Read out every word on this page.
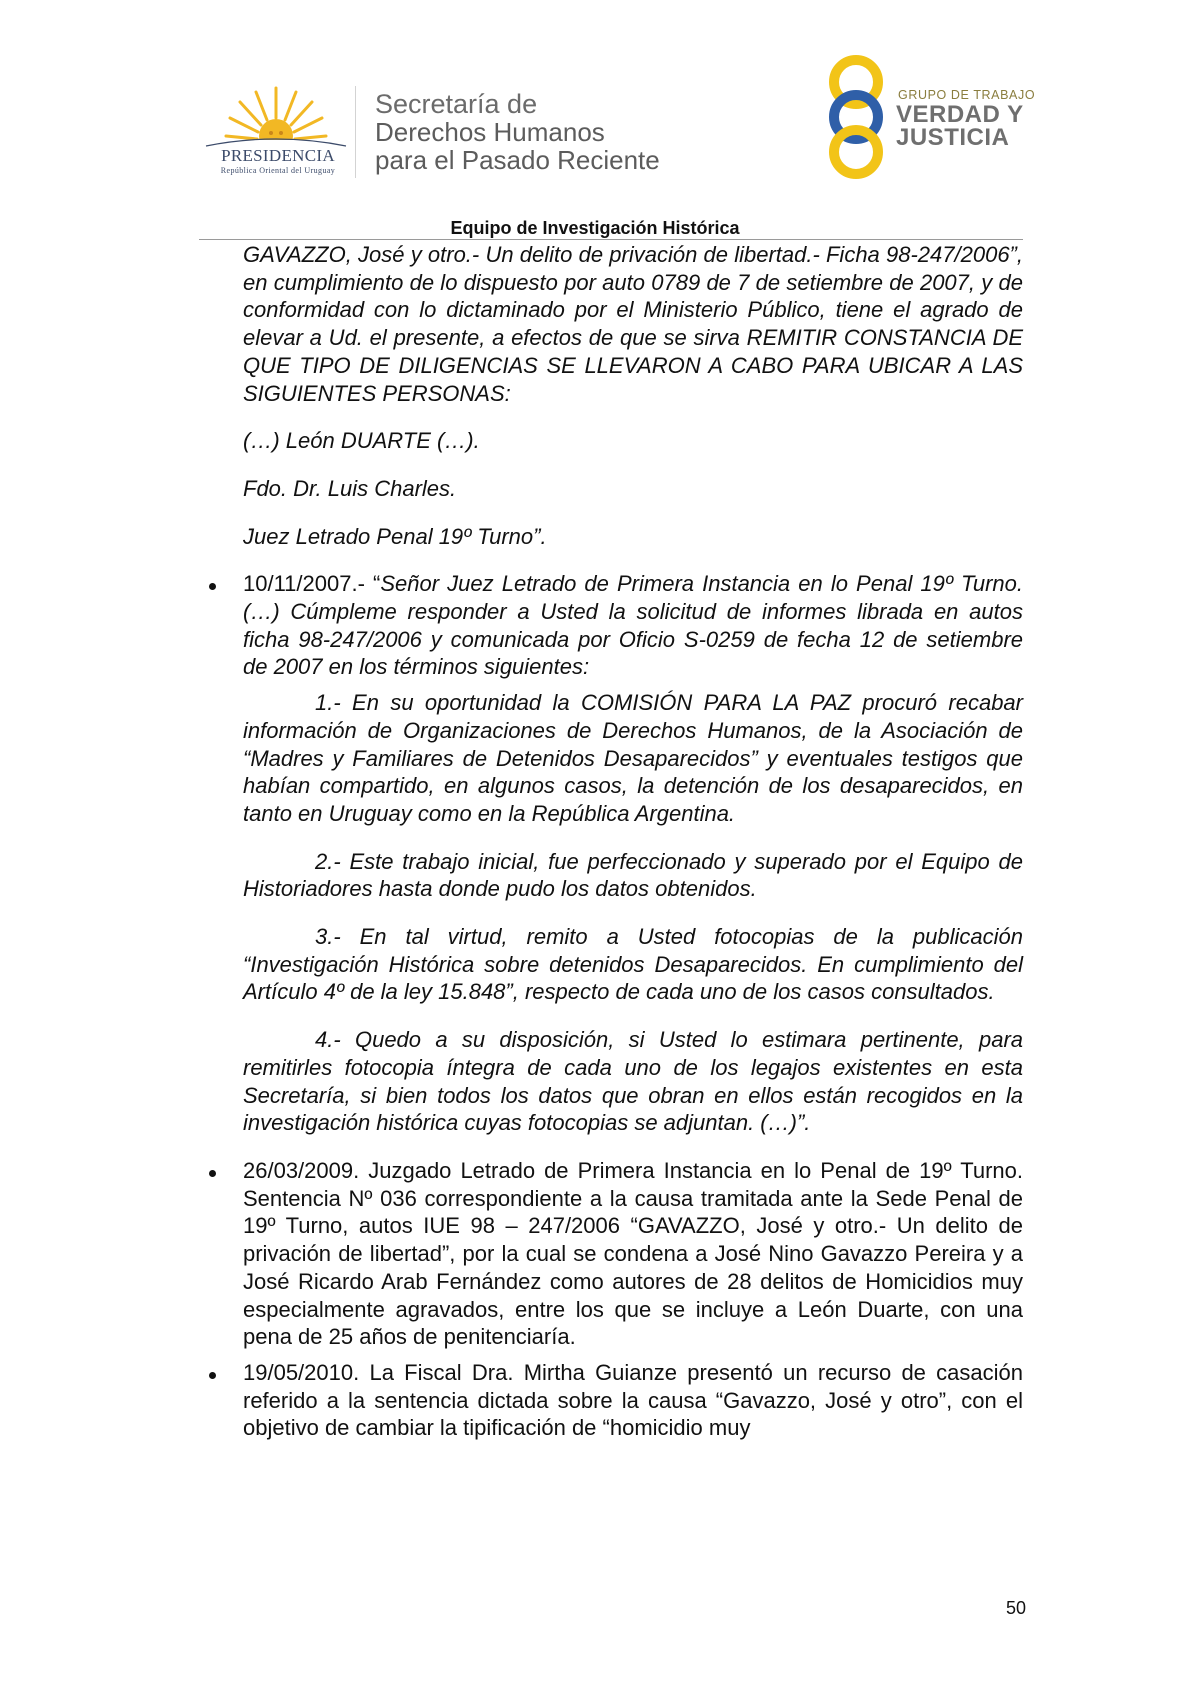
PRESIDENCIA
República Oriental del Uruguay
Secretaría de
Derechos Humanos
para el Pasado Reciente
GRUPO DE TRABAJO
VERDAD Y
JUSTICIA
Equipo de Investigación Histórica

GAVAZZO, José y otro.- Un delito de privación de libertad.- Ficha 98-247/2006”, en cumplimiento de lo dispuesto por auto 0789 de 7 de setiembre de 2007, y de conformidad con lo dictaminado por el Ministerio Público, tiene el agrado de elevar a Ud. el presente, a efectos de que se sirva REMITIR CONSTANCIA DE QUE TIPO DE DILIGENCIAS SE LLEVARON A CABO PARA UBICAR A LAS SIGUIENTES PERSONAS:

(…) León DUARTE (…).

Fdo. Dr. Luis Charles.

Juez Letrado Penal 19º Turno”.

10/11/2007.- “Señor Juez Letrado de Primera Instancia en lo Penal 19º Turno. (…) Cúmpleme responder a Usted la solicitud de informes librada en autos ficha 98-247/2006 y comunicada por Oficio S-0259 de fecha 12 de setiembre de 2007 en los términos siguientes:

1.- En su oportunidad la COMISIÓN PARA LA PAZ procuró recabar información de Organizaciones de Derechos Humanos, de la Asociación de “Madres y Familiares de Detenidos Desaparecidos” y eventuales testigos que habían compartido, en algunos casos, la detención de los desaparecidos, en tanto en Uruguay como en la República Argentina.

2.- Este trabajo inicial, fue perfeccionado y superado por el Equipo de Historiadores hasta donde pudo los datos obtenidos.

3.- En tal virtud, remito a Usted fotocopias de la publicación “Investigación Histórica sobre detenidos Desaparecidos. En cumplimiento del Artículo 4º de la ley 15.848”, respecto de cada uno de los casos consultados.

4.- Quedo a su disposición, si Usted lo estimara pertinente, para remitirles fotocopia íntegra de cada uno de los legajos existentes en esta Secretaría, si bien todos los datos que obran en ellos están recogidos en la investigación histórica cuyas fotocopias se adjuntan. (…)”.

26/03/2009. Juzgado Letrado de Primera Instancia en lo Penal de 19º Turno. Sentencia Nº 036 correspondiente a la causa tramitada ante la Sede Penal de 19º Turno, autos IUE 98 – 247/2006 “GAVAZZO, José y otro.- Un delito de privación de libertad”, por la cual se condena a José Nino Gavazzo Pereira y a José Ricardo Arab Fernández como autores de 28 delitos de Homicidios muy especialmente agravados, entre los que se incluye a León Duarte, con una pena de 25 años de penitenciaría.

19/05/2010. La Fiscal Dra. Mirtha Guianze presentó un recurso de casación referido a la sentencia dictada sobre la causa “Gavazzo, José y otro”, con el objetivo de cambiar la tipificación de “homicidio muy

50
